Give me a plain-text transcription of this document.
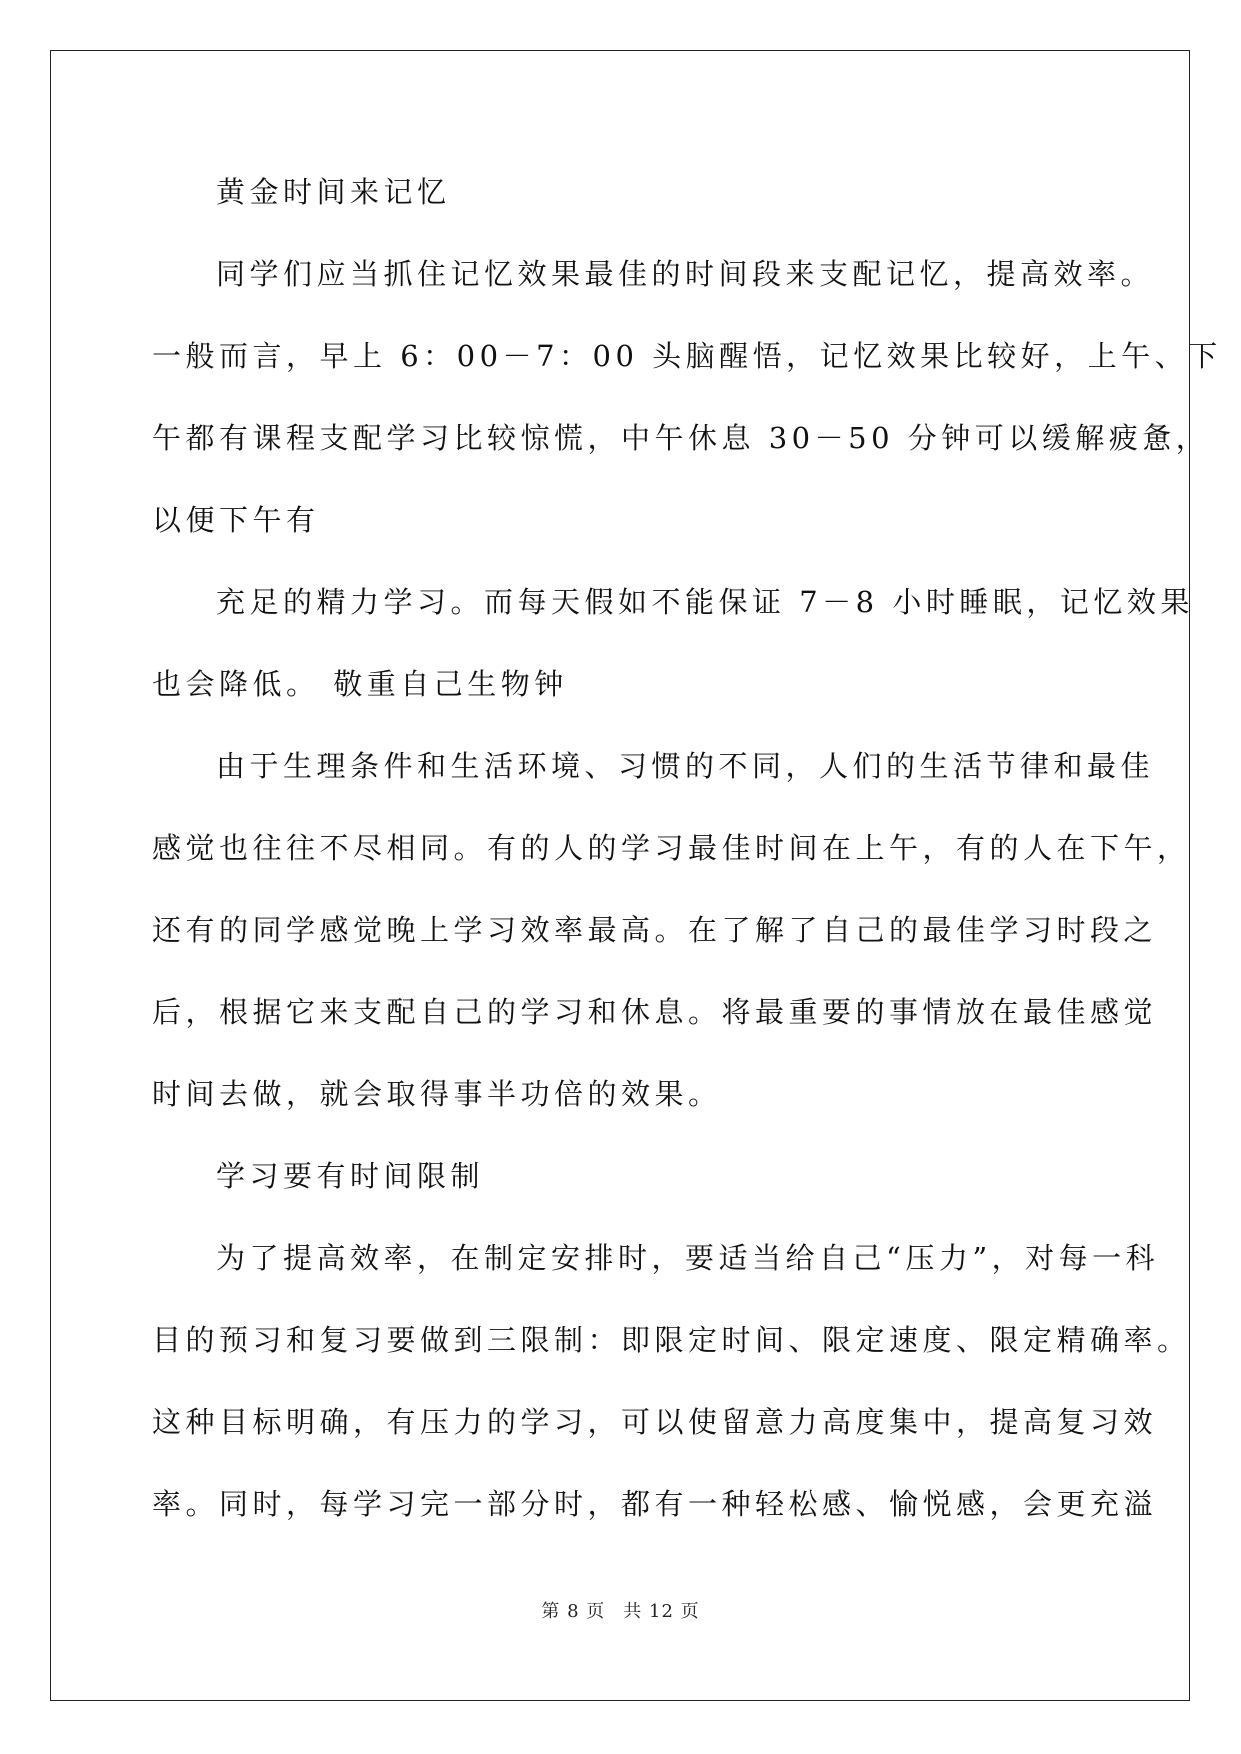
黄金时间来记忆

同学们应当抓住记忆效果最佳的时间段来支配记忆，提高效率。

一般而言，早上 6：00－7：00 头脑醒悟，记忆效果比较好，上午、下

午都有课程支配学习比较惊慌，中午休息 30－50 分钟可以缓解疲惫，

以便下午有

充足的精力学习。而每天假如不能保证 7－8 小时睡眠，记忆效果

也会降低。 敬重自己生物钟

由于生理条件和生活环境、习惯的不同，人们的生活节律和最佳

感觉也往往不尽相同。有的人的学习最佳时间在上午，有的人在下午，

还有的同学感觉晚上学习效率最高。在了解了自己的最佳学习时段之

后，根据它来支配自己的学习和休息。将最重要的事情放在最佳感觉

时间去做，就会取得事半功倍的效果。

学习要有时间限制

为了提高效率，在制定安排时，要适当给自己“压力”，对每一科

目的预习和复习要做到三限制：即限定时间、限定速度、限定精确率。

这种目标明确，有压力的学习，可以使留意力高度集中，提高复习效

率。同时，每学习完一部分时，都有一种轻松感、愉悦感，会更充溢

第 8 页 共 12 页
